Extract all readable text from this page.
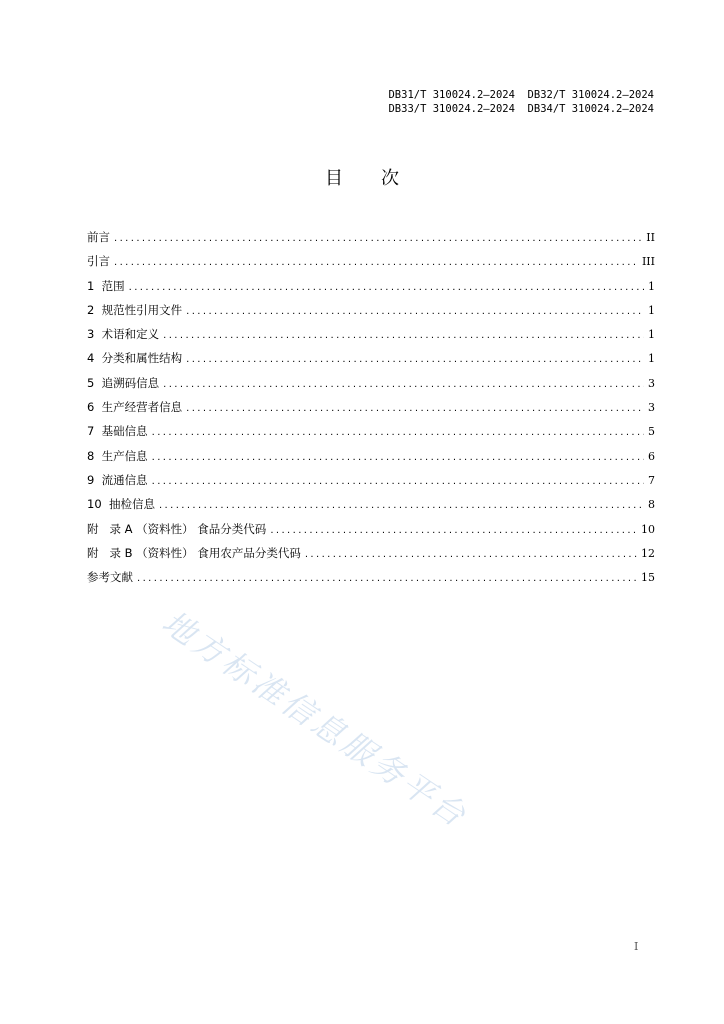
DB31/T 310024.2—2024  DB32/T 310024.2—2024
DB33/T 310024.2—2024  DB34/T 310024.2—2024
目次
前言 .....	II
引言 .....	III
1 范围 .....	1
2 规范性引用文件 .....	1
3 术语和定义 .....	1
4 分类和属性结构 .....	1
5 追溯码信息 .....	3
6 生产经营者信息 .....	3
7 基础信息 .....	5
8 生产信息 .....	6
9 流通信息 .....	7
10 抽检信息 .....	8
附   录 A （资料性） 食品分类代码 .....	10
附   录 B （资料性） 食用农产品分类代码 .....	12
参考文献 .....	15
地方标准信息服务平台
I
